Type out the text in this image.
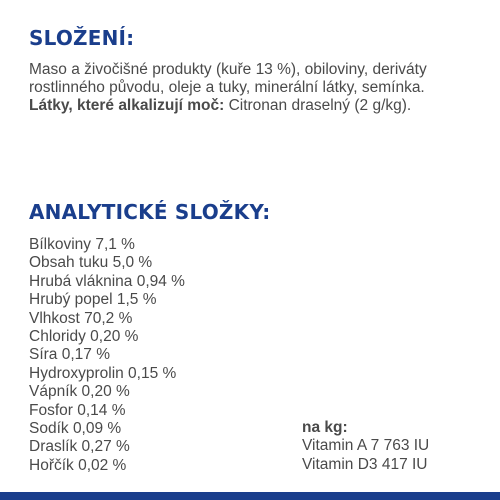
SLOŽENÍ:

Maso a živočišné produkty (kuře 13 %), obiloviny, deriváty rostlinného původu, oleje a tuky, minerální látky, semínka.

Látky, které alkalizují moč: Citronan draselný (2 g/kg).

ANALYTICKÉ SLOŽKY:
Bílkoviny 7,1 %
Obsah tuku 5,0 %
Hrubá vláknina 0,94 %
Hrubý popel 1,5 %
Vlhkost 70,2 %
Chloridy 0,20 %
Síra 0,17 %
Hydroxyprolin 0,15 %
Vápník 0,20 %
Fosfor 0,14 %
Sodík 0,09 %
Draslík 0,27 %
Hořčík 0,02 %
na kg:
Vitamin A 7 763 IU
Vitamin D3 417 IU
